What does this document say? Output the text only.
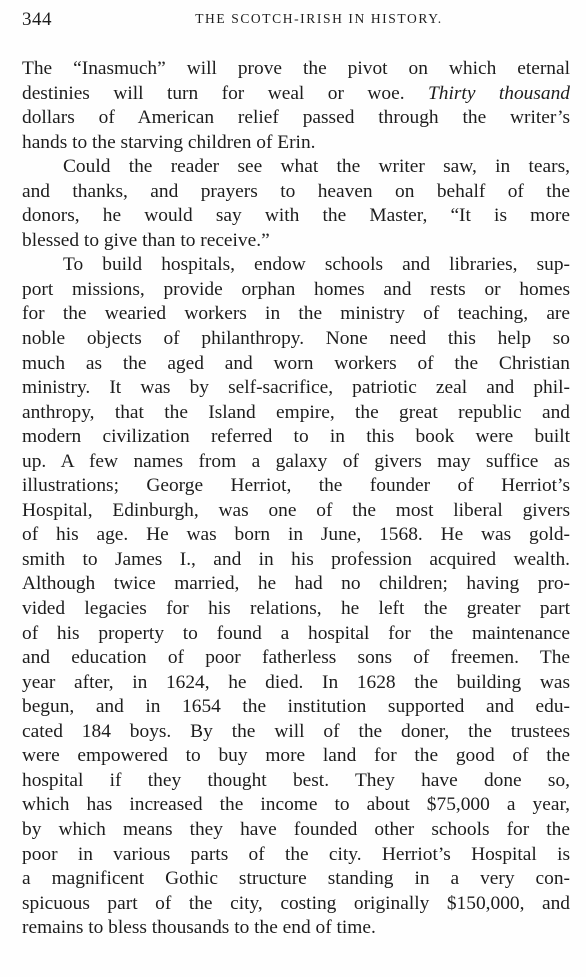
344	THE SCOTCH-IRISH IN HISTORY.
The “Inasmuch” will prove the pivot on which eternal
destinies will turn for weal or woe. Thirty thousand
dollars of American relief passed through the writer’s
hands to the starving children of Erin.
Could the reader see what the writer saw, in tears,
and thanks, and prayers to heaven on behalf of the
donors, he would say with the Master, “It is more
blessed to give than to receive.”
To build hospitals, endow schools and libraries, sup-
port missions, provide orphan homes and rests or homes
for the wearied workers in the ministry of teaching, are
noble objects of philanthropy. None need this help so
much as the aged and worn workers of the Christian
ministry. It was by self-sacrifice, patriotic zeal and phil-
anthropy, that the Island empire, the great republic and
modern civilization referred to in this book were built
up. A few names from a galaxy of givers may suffice as
illustrations; George Herriot, the founder of Herriot’s
Hospital, Edinburgh, was one of the most liberal givers
of his age. He was born in June, 1568. He was gold-
smith to James I., and in his profession acquired wealth.
Although twice married, he had no children; having pro-
vided legacies for his relations, he left the greater part
of his property to found a hospital for the maintenance
and education of poor fatherless sons of freemen. The
year after, in 1624, he died. In 1628 the building was
begun, and in 1654 the institution supported and edu-
cated 184 boys. By the will of the doner, the trustees
were empowered to buy more land for the good of the
hospital if they thought best. They have done so,
which has increased the income to about $75,000 a year,
by which means they have founded other schools for the
poor in various parts of the city. Herriot’s Hospital is
a magnificent Gothic structure standing in a very con-
spicuous part of the city, costing originally $150,000, and
remains to bless thousands to the end of time.
